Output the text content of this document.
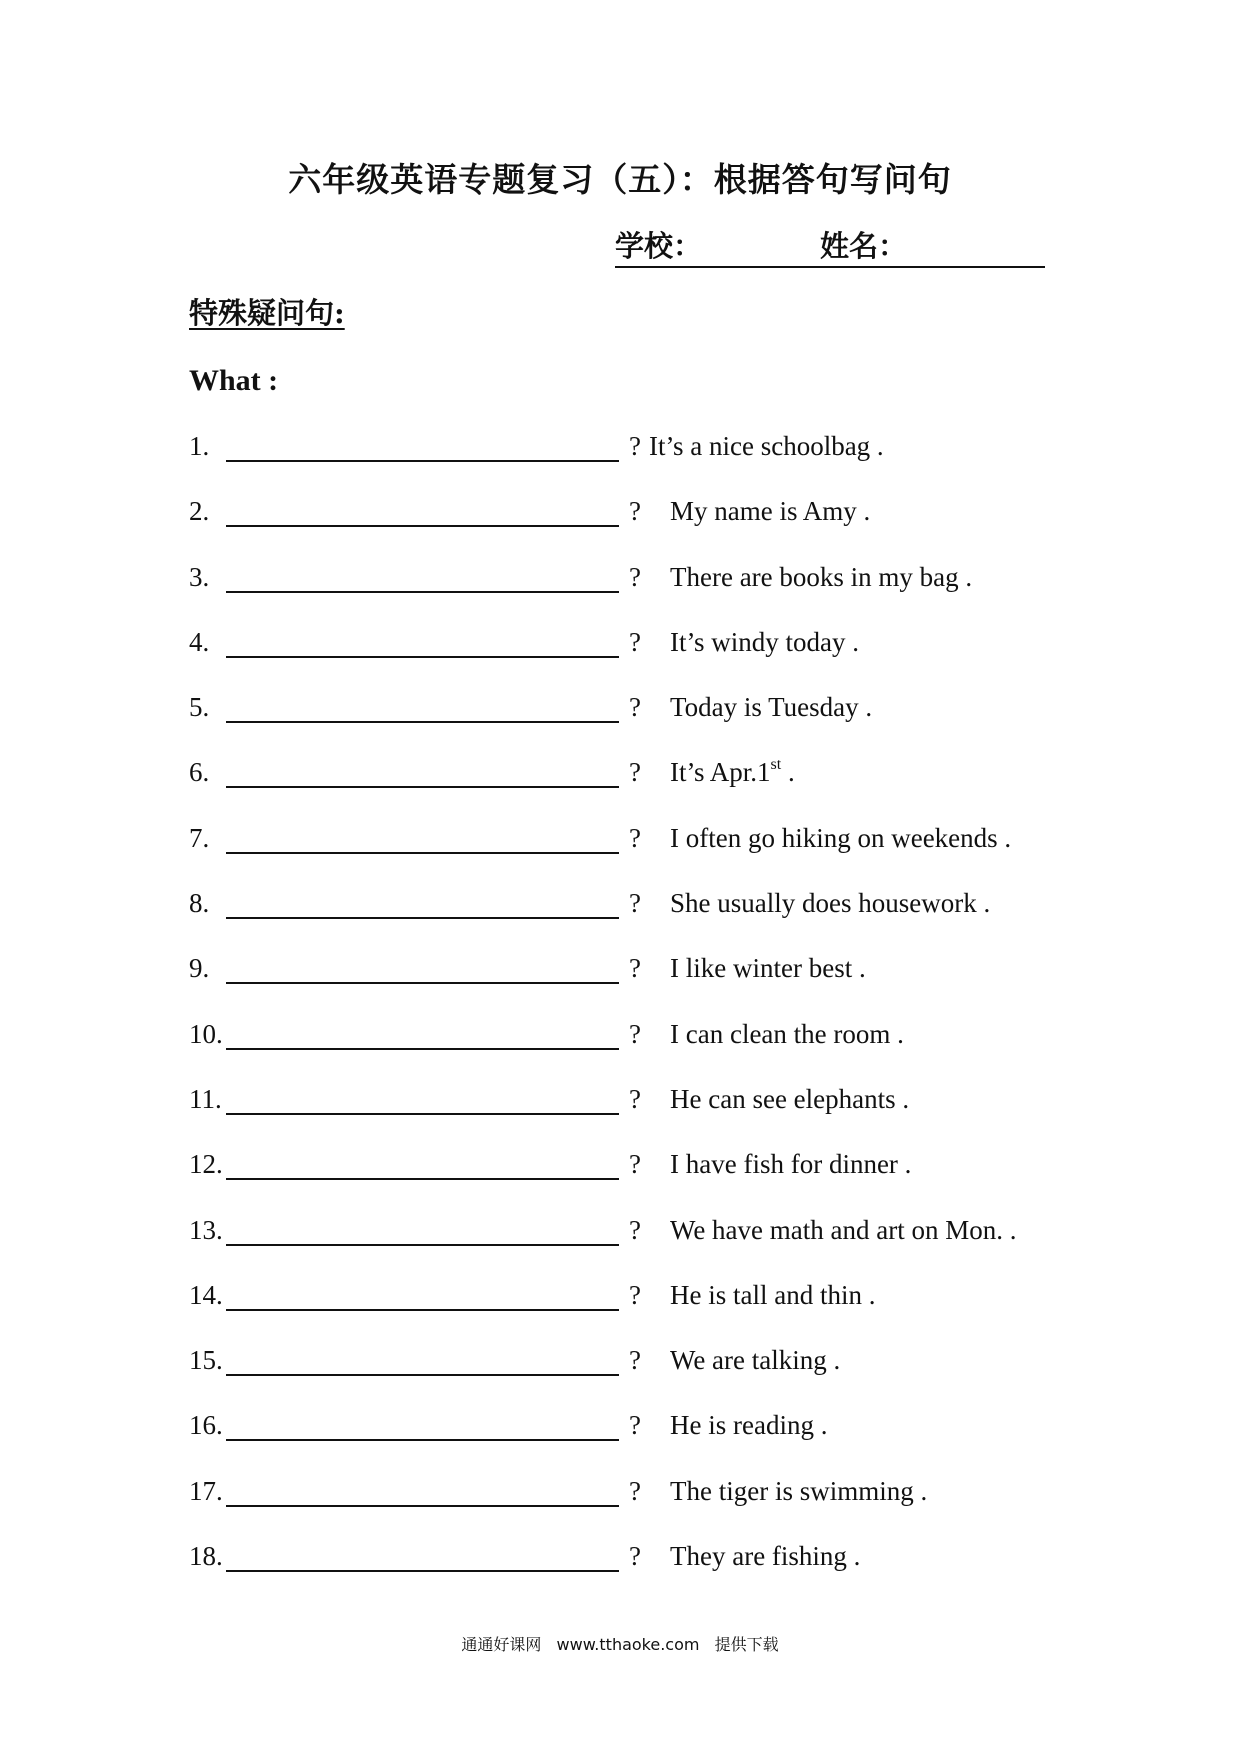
六年级英语专题复习（五）：根据答句写问句
学校：	姓名：
特殊疑问句:
What :
1.	? It’s a nice schoolbag .
2.	? My name is Amy .
3.	? There are books in my bag .
4.	? It’s windy today .
5.	? Today is Tuesday .
6.	? It’s Apr.1st .
7.	? I often go hiking on weekends .
8.	? She usually does housework .
9.	? I like winter best .
10.	? I can clean the room .
11.	? He can see elephants .
12.	? I have fish for dinner .
13.	? We have math and art on Mon. .
14.	? He is tall and thin .
15.	? We are talking .
16.	? He is reading .
17.	? The tiger is swimming .
18.	? They are fishing .
通通好课网 www.tthaoke.com 提供下载
